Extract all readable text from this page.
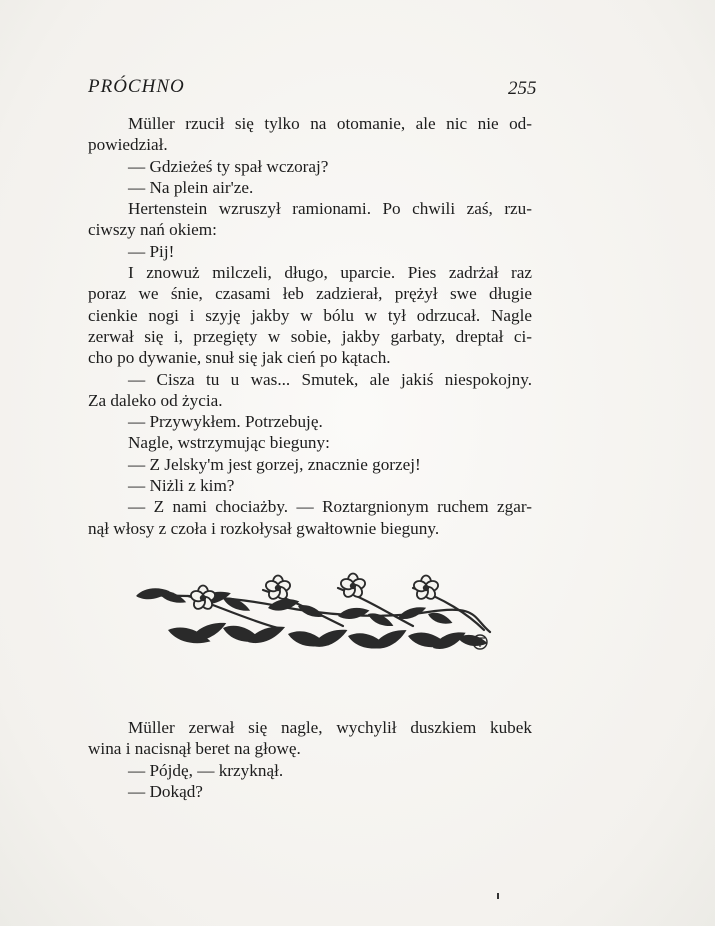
PRÓCHNO	255
Müller rzucił się tylko na otomanie, ale nic nie od-
powiedział.
— Gdzieżeś ty spał wczoraj?
— Na plein air'ze.
Hertenstein wzruszył ramionami. Po chwili zaś, rzu-
ciwszy nań okiem:
— Pij!
I znowuż milczeli, długo, uparcie. Pies zadrżał raz
poraz we śnie, czasami łeb zadzierał, prężył swe długie
cienkie nogi i szyję jakby w bólu w tył odrzucał. Nagle
zerwał się i, przegięty w sobie, jakby garbaty, dreptał ci-
cho po dywanie, snuł się jak cień po kątach.
— Cisza tu u was... Smutek, ale jakiś niespokojny.
Za daleko od życia.
— Przywykłem. Potrzebuję.
Nagle, wstrzymując bieguny:
— Z Jelsky'm jest gorzej, znacznie gorzej!
— Niżli z kim?
— Z nami chociażby. — Roztargnionym ruchem zgar-
nął włosy z czoła i rozkołysał gwałtownie bieguny.
Müller zerwał się nagle, wychylił duszkiem kubek
wina i nacisnął beret na głowę.
— Pójdę, — krzyknął.
— Dokąd?
